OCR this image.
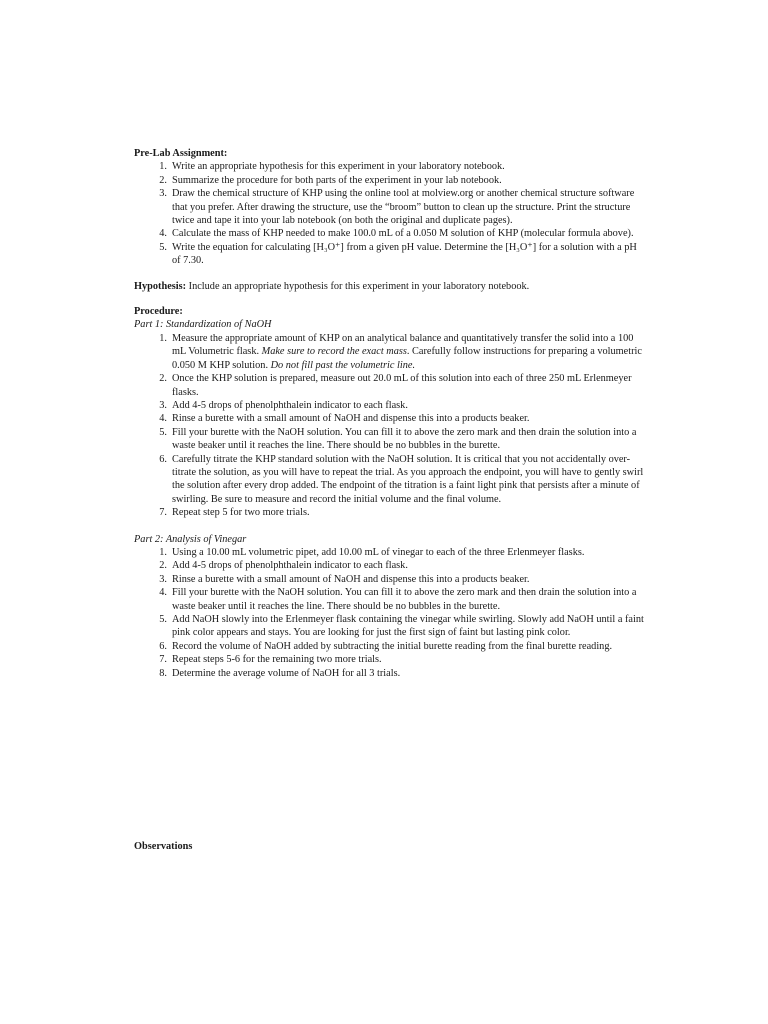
Pre-Lab Assignment:
1. Write an appropriate hypothesis for this experiment in your laboratory notebook.
2. Summarize the procedure for both parts of the experiment in your lab notebook.
3. Draw the chemical structure of KHP using the online tool at molview.org or another chemical structure software that you prefer. After drawing the structure, use the “broom” button to clean up the structure. Print the structure twice and tape it into your lab notebook (on both the original and duplicate pages).
4. Calculate the mass of KHP needed to make 100.0 mL of a 0.050 M solution of KHP (molecular formula above).
5. Write the equation for calculating [H₃O⁺] from a given pH value. Determine the [H₃O⁺] for a solution with a pH of 7.30.
Hypothesis: Include an appropriate hypothesis for this experiment in your laboratory notebook.
Procedure:
Part 1: Standardization of NaOH
1. Measure the appropriate amount of KHP on an analytical balance and quantitatively transfer the solid into a 100 mL Volumetric flask. Make sure to record the exact mass. Carefully follow instructions for preparing a volumetric 0.050 M KHP solution. Do not fill past the volumetric line.
2. Once the KHP solution is prepared, measure out 20.0 mL of this solution into each of three 250 mL Erlenmeyer flasks.
3. Add 4-5 drops of phenolphthalein indicator to each flask.
4. Rinse a burette with a small amount of NaOH and dispense this into a products beaker.
5. Fill your burette with the NaOH solution. You can fill it to above the zero mark and then drain the solution into a waste beaker until it reaches the line. There should be no bubbles in the burette.
6. Carefully titrate the KHP standard solution with the NaOH solution. It is critical that you not accidentally over-titrate the solution, as you will have to repeat the trial. As you approach the endpoint, you will have to gently swirl the solution after every drop added. The endpoint of the titration is a faint light pink that persists after a minute of swirling. Be sure to measure and record the initial volume and the final volume.
7. Repeat step 5 for two more trials.
Part 2: Analysis of Vinegar
1. Using a 10.00 mL volumetric pipet, add 10.00 mL of vinegar to each of the three Erlenmeyer flasks.
2. Add 4-5 drops of phenolphthalein indicator to each flask.
3. Rinse a burette with a small amount of NaOH and dispense this into a products beaker.
4. Fill your burette with the NaOH solution. You can fill it to above the zero mark and then drain the solution into a waste beaker until it reaches the line. There should be no bubbles in the burette.
5. Add NaOH slowly into the Erlenmeyer flask containing the vinegar while swirling. Slowly add NaOH until a faint pink color appears and stays. You are looking for just the first sign of faint but lasting pink color.
6. Record the volume of NaOH added by subtracting the initial burette reading from the final burette reading.
7. Repeat steps 5-6 for the remaining two more trials.
8. Determine the average volume of NaOH for all 3 trials.
Observations
